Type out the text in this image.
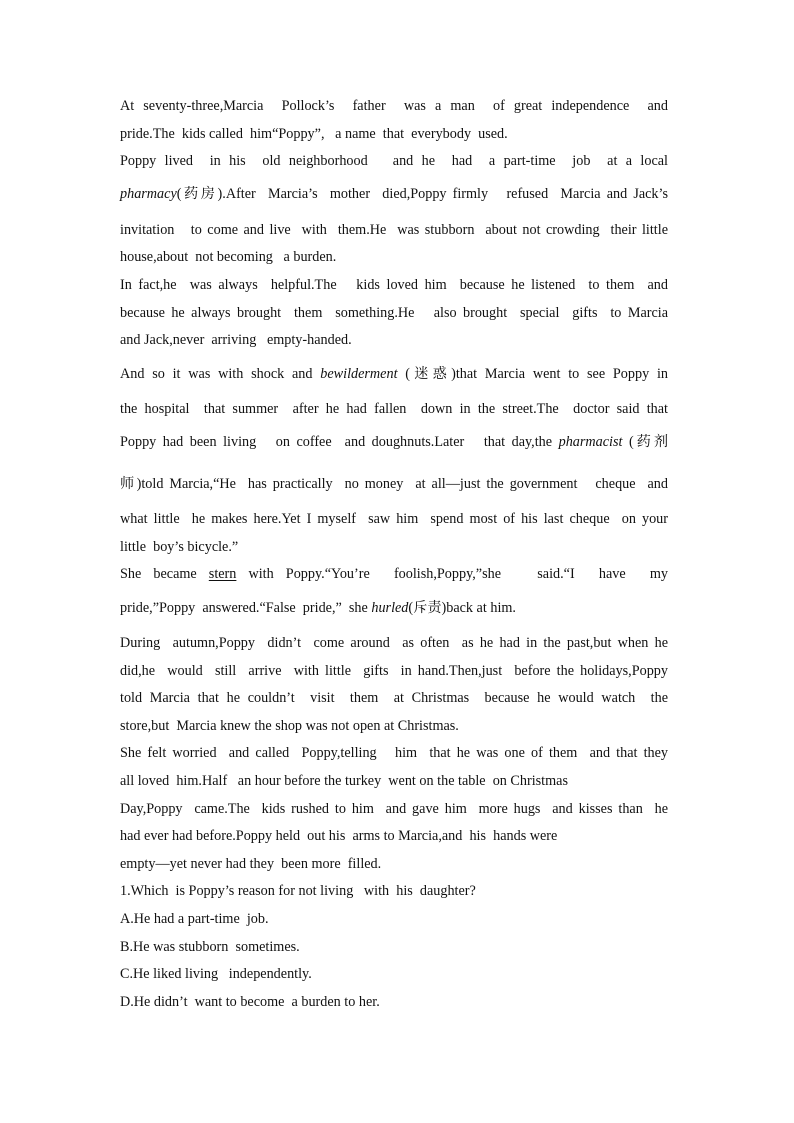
At seventy-three,Marcia  Pollock’s  father  was a man  of great independence  and
pride.The  kids called  him“Poppy”,   a name  that  everybody  used.
Poppy lived  in his  old neighborhood   and he  had  a part-time  job  at a local
pharmacy(药房).After  Marcia’s  mother  died,Poppy firmly   refused  Marcia and Jack’s
invitation   to come and live  with  them.He  was stubborn  about not crowding  their little
house,about  not becoming   a burden.
In fact,he  was always  helpful.The   kids loved him  because he listened  to them  and
because he always brought  them  something.He   also brought  special  gifts  to Marcia
and Jack,never  arriving   empty-handed.
And so it was with shock and bewilderment (迷惑)that Marcia went to see Poppy in
the hospital  that summer  after he had fallen  down in the street.The  doctor said that
Poppy had been living   on coffee  and doughnuts.Later   that day,the pharmacist (药剂
师)told Marcia,“He  has practically  no money  at all—just the government   cheque  and
what little  he makes here.Yet I myself  saw him  spend most of his last cheque  on your
little  boy’s bicycle.”
She became stern with Poppy.“You’re  foolish,Poppy,”she   said.“I  have  my
pride,”Poppy  answered.“False  pride,”  she hurled(斥责)back at him.
During  autumn,Poppy  didn’t  come around  as often  as he had in the past,but when he
did,he  would  still  arrive  with little  gifts  in hand.Then,just  before the holidays,Poppy
told Marcia that he couldn’t  visit  them  at Christmas  because he would watch  the
store,but  Marcia knew the shop was not open at Christmas.
She felt worried  and called  Poppy,telling   him  that he was one of them  and that they
all loved  him.Half   an hour before the turkey  went on the table  on Christmas
Day,Poppy  came.The  kids rushed to him  and gave him  more hugs  and kisses than  he
had ever had before.Poppy held  out his  arms to Marcia,and  his  hands were
empty—yet never had they  been more  filled.
1.Which  is Poppy’s reason for not living   with  his  daughter?
A.He had a part-time  job.
B.He was stubborn  sometimes.
C.He liked living   independently.
D.He didn’t  want to become  a burden to her.
